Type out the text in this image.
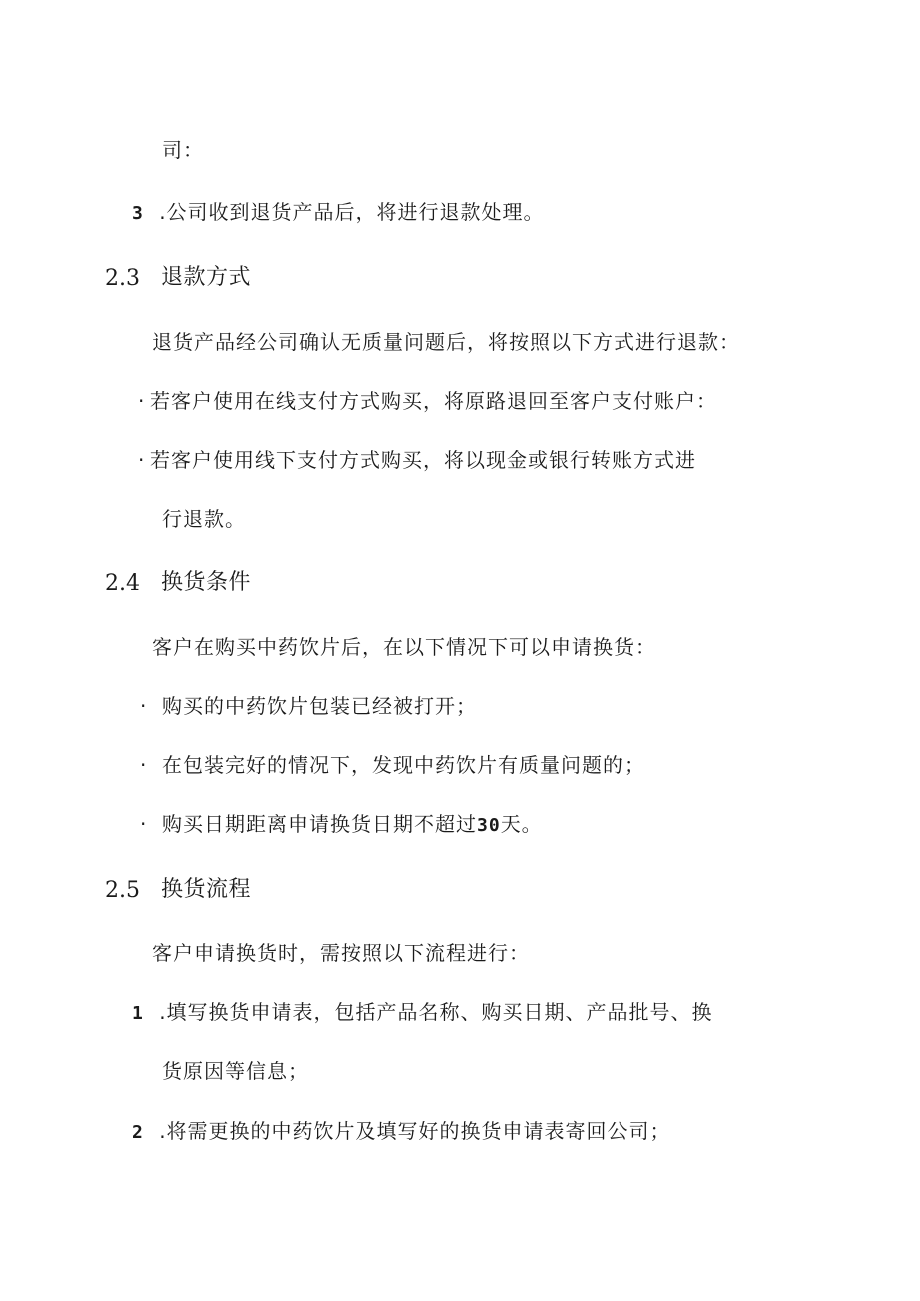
司：
3 .公司收到退货产品后，将进行退款处理。
2.3 退款方式
退货产品经公司确认无质量问题后，将按照以下方式进行退款：
· 若客户使用在线支付方式购买，将原路退回至客户支付账户：
· 若客户使用线下支付方式购买，将以现金或银行转账方式进
行退款。
2.4 换货条件
客户在购买中药饮片后，在以下情况下可以申请换货：
· 购买的中药饮片包装已经被打开；
· 在包装完好的情况下，发现中药饮片有质量问题的；
· 购买日期距离申请换货日期不超过30天。
2.5 换货流程
客户申请换货时，需按照以下流程进行：
1 .填写换货申请表，包括产品名称、购买日期、产品批号、换
货原因等信息；
2 .将需更换的中药饮片及填写好的换货申请表寄回公司；
